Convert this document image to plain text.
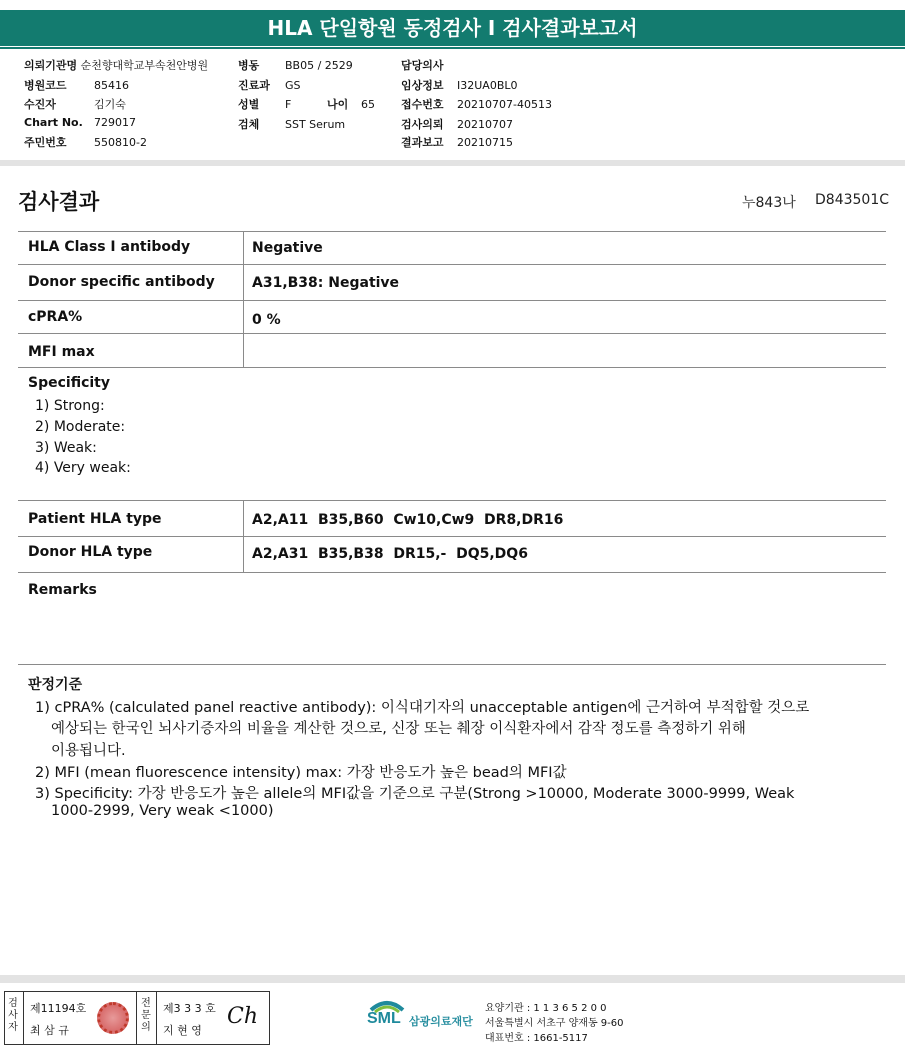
HLA 단일항원 동정검사 I 검사결과보고서
의뢰기관명 순천향대학교부속천안병원
병원코드 85416
수진자	김기숙
Chart No. 729017
주민번호 550810-2
병동 BB05 / 2529
진료과 GS
성별 F	나이 65
검체 SST Serum
담당의사
임상정보 I32UA0BL0
접수번호 20210707-40513
검사의뢰 20210707
결과보고 20210715
검사결과	누843나 D843501C
HLA Class I antibody	Negative
Donor specific antibody	A31,B38: Negative
cPRA%	0 %
MFI max
Specificity
1) Strong:
2) Moderate:
3) Weak:
4) Very weak:
Patient HLA type	A2,A11  B35,B60  Cw10,Cw9  DR8,DR16
Donor HLA type	A2,A31  B35,B38  DR15,-  DQ5,DQ6
Remarks
판정기준
1) cPRA% (calculated panel reactive antibody): 이식대기자의 unacceptable antigen에 근거하여 부적합할 것으로
예상되는 한국인 뇌사기증자의 비율을 계산한 것으로, 신장 또는 췌장 이식환자에서 감작 정도를 측정하기 위해
이용됩니다.
2) MFI (mean fluorescence intensity) max: 가장 반응도가 높은 bead의 MFI값
3) Specificity: 가장 반응도가 높은 allele의 MFI값을 기준으로 구분(Strong >10000, Moderate 3000-9999, Weak
1000-2999, Very weak <1000)
검
사
자
제11194호
최 삼 규
전
문
의
제3 3 3 호
지 현 영
Ch	SML 삼광의료재단
요양기관 : 1 1 3 6 5 2 0 0
서울특별시 서초구 양재동 9-60
대표번호 : 1661-5117
